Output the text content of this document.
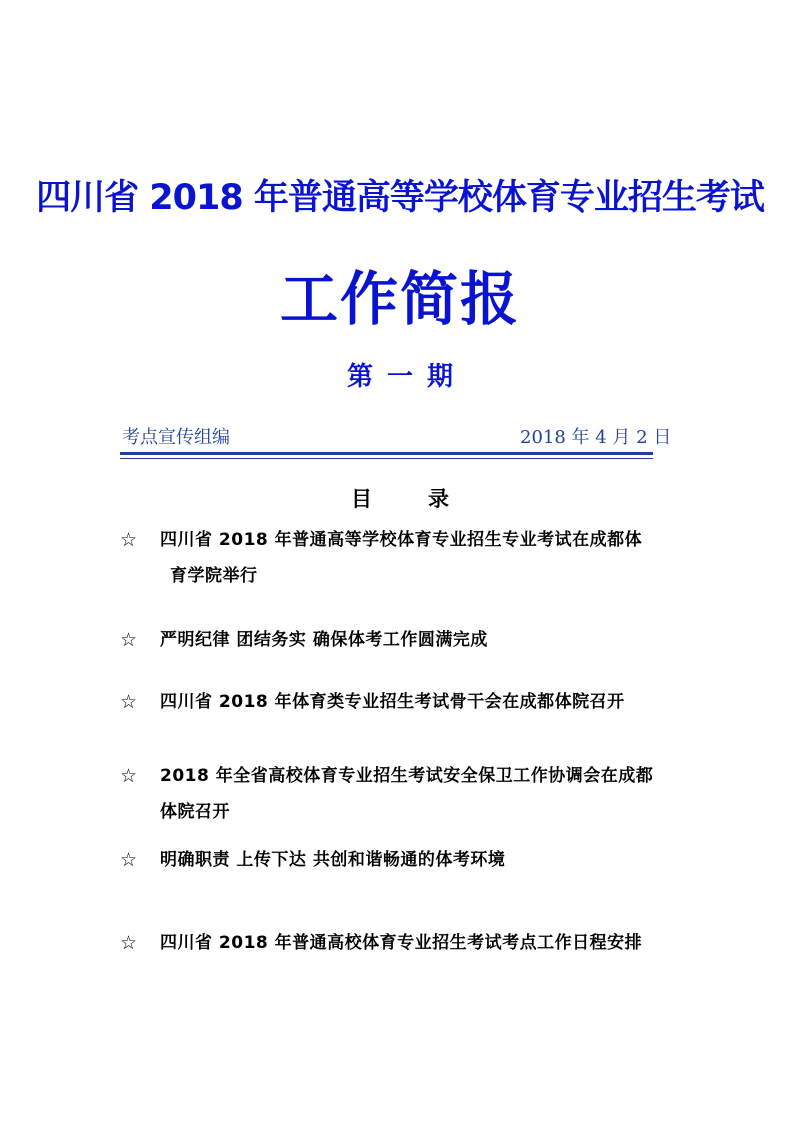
四川省 2018 年普通高等学校体育专业招生考试
工作简报
第一期
考点宣传组编	2018 年 4 月 2 日
目录
☆ 四川省 2018 年普通高等学校体育专业招生专业考试在成都体
育学院举行
☆ 严明纪律 团结务实 确保体考工作圆满完成
☆ 四川省 2018 年体育类专业招生考试骨干会在成都体院召开
☆ 2018 年全省高校体育专业招生考试安全保卫工作协调会在成都
体院召开
☆ 明确职责 上传下达 共创和谐畅通的体考环境
☆ 四川省 2018 年普通高校体育专业招生考试考点工作日程安排
